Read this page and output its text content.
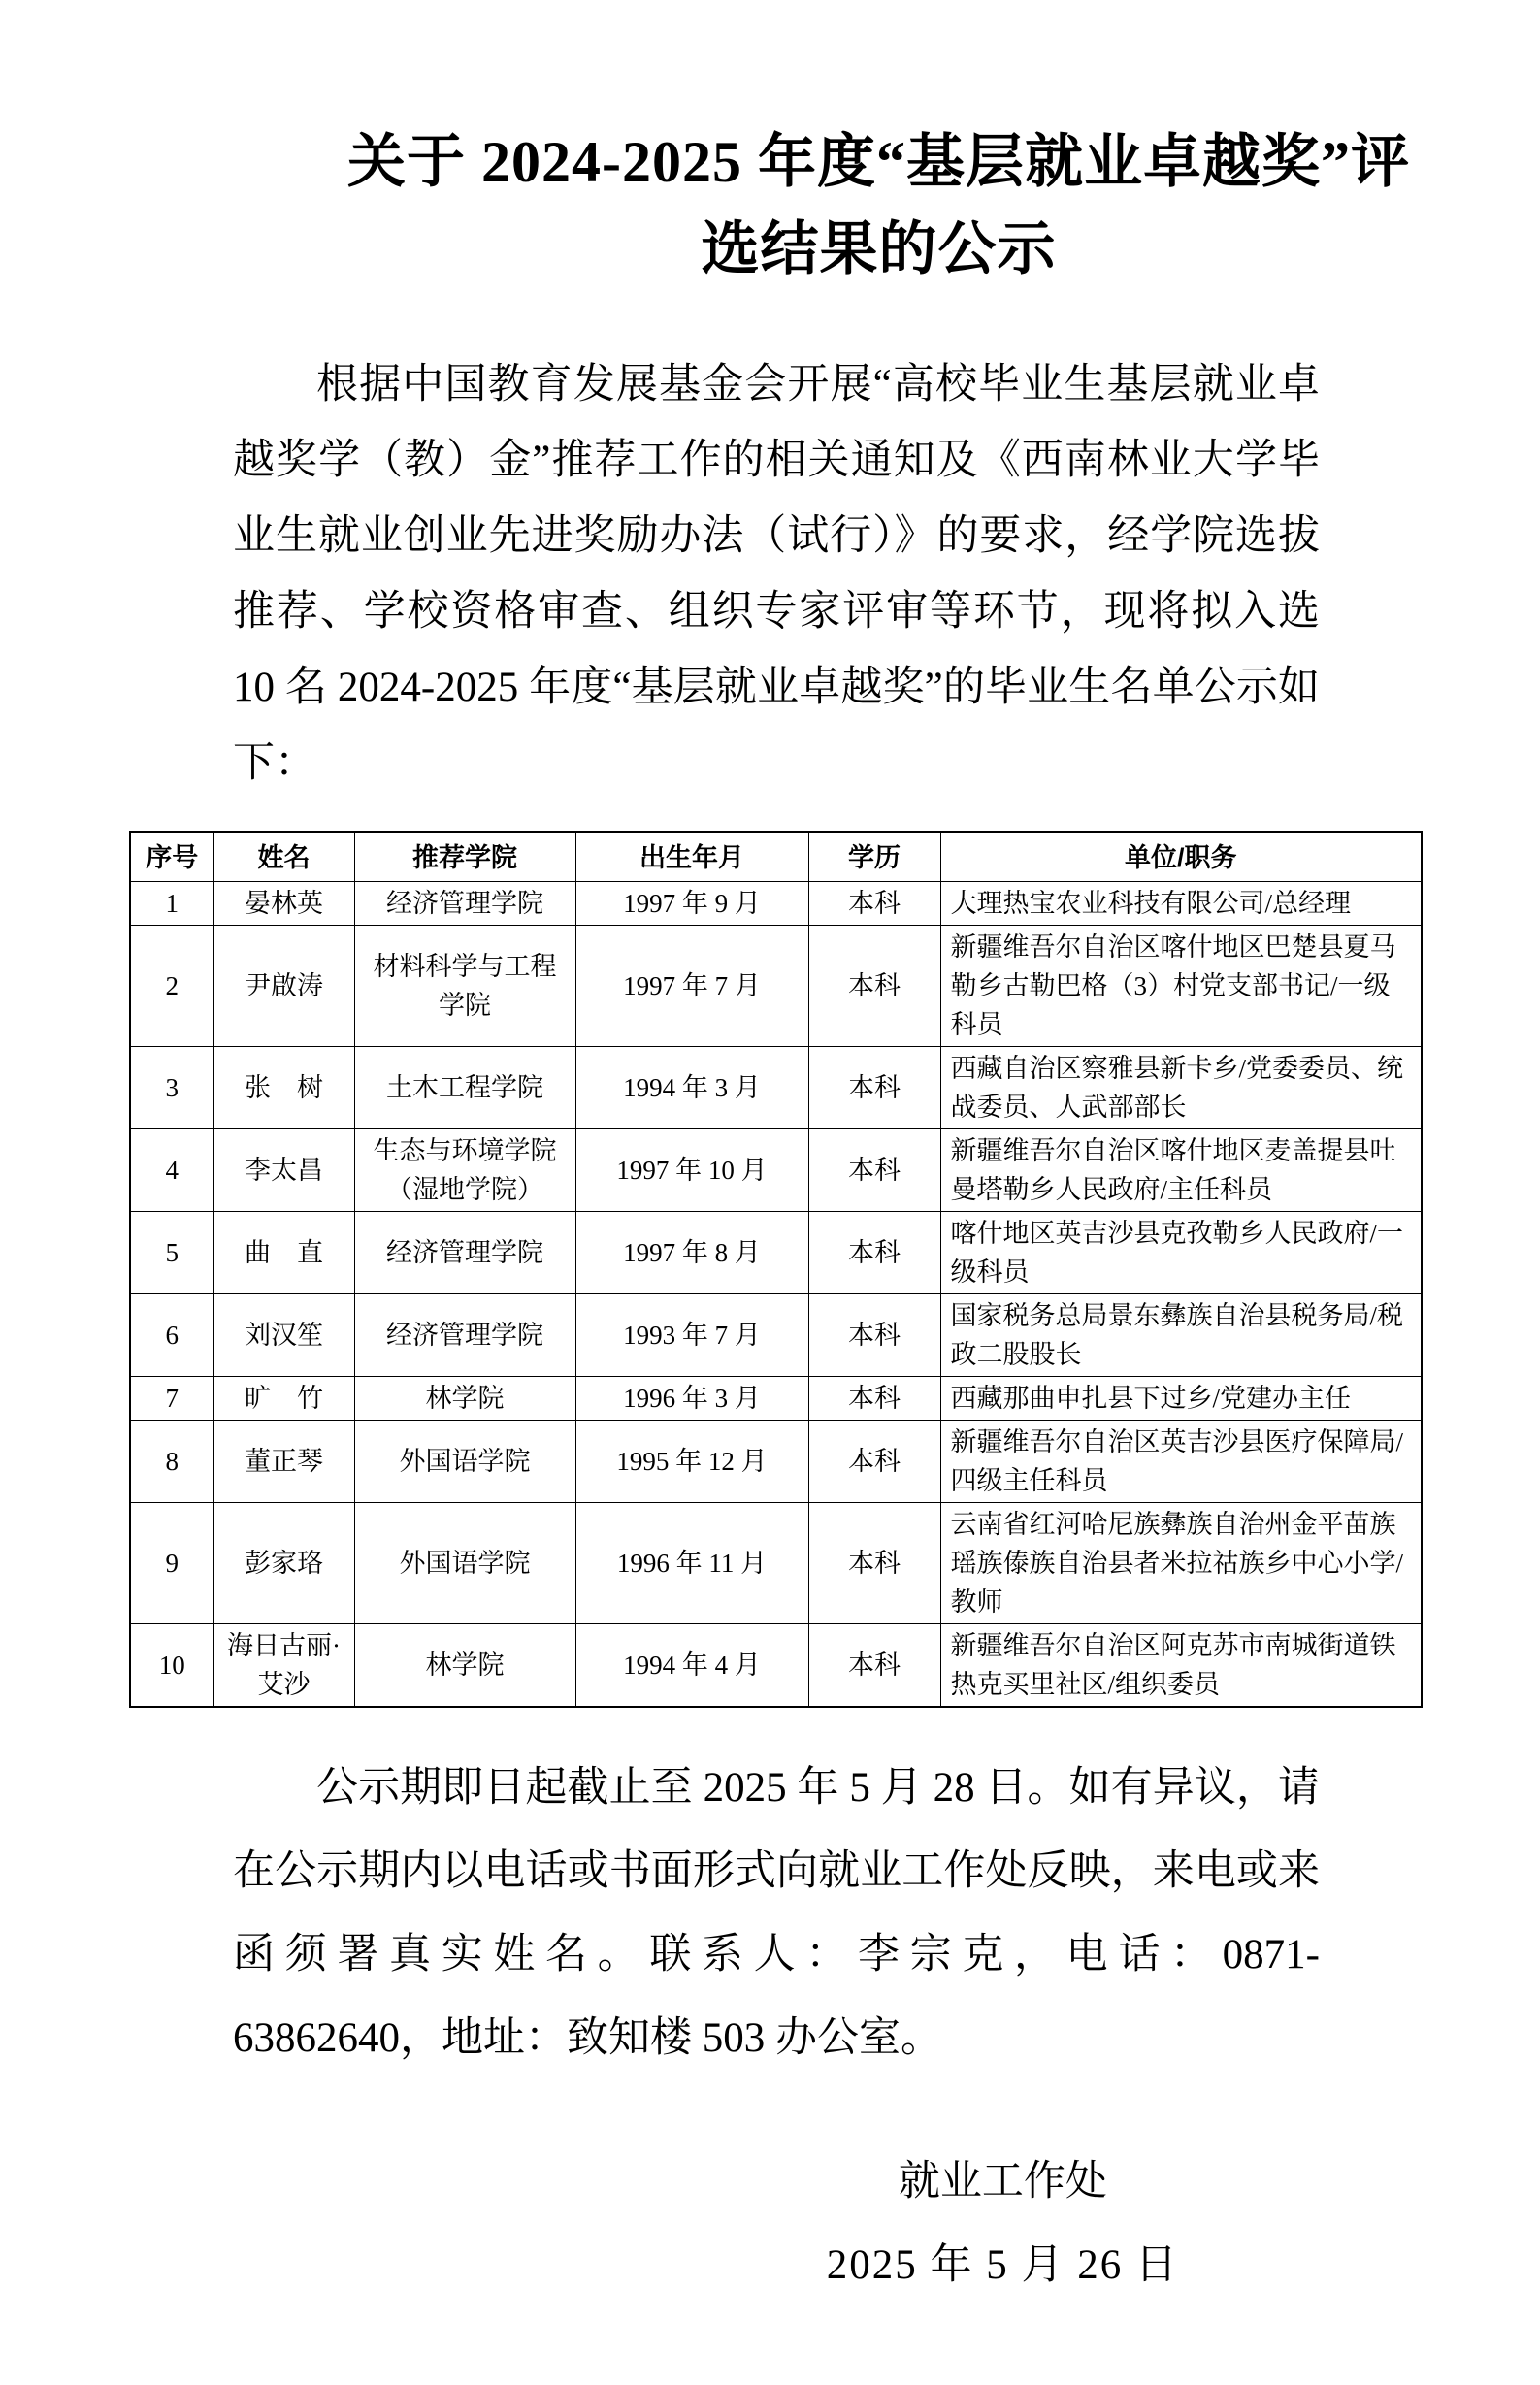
关于 2024-2025 年度“基层就业卓越奖”评
选结果的公示

根据中国教育发展基金会开展“高校毕业生基层就业卓越奖学（教）金”推荐工作的相关通知及《西南林业大学毕业生就业创业先进奖励办法（试行）》的要求，经学院选拔推荐、学校资格审查、组织专家评审等环节，现将拟入选 10 名 2024-2025 年度“基层就业卓越奖”的毕业生名单公示如下：

序号	姓名	推荐学院	出生年月	学历	单位/职务
1	晏林英	经济管理学院	1997 年 9 月	本科	大理热宝农业科技有限公司/总经理
2	尹啟涛	材料科学与工程学院	1997 年 7 月	本科	新疆维吾尔自治区喀什地区巴楚县夏马勒乡古勒巴格（3）村党支部书记/一级科员
3	张　树	土木工程学院	1994 年 3 月	本科	西藏自治区察雅县新卡乡/党委委员、统战委员、人武部部长
4	李太昌	生态与环境学院（湿地学院）	1997 年 10 月	本科	新疆维吾尔自治区喀什地区麦盖提县吐曼塔勒乡人民政府/主任科员
5	曲　直	经济管理学院	1997 年 8 月	本科	喀什地区英吉沙县克孜勒乡人民政府/一级科员
6	刘汉笙	经济管理学院	1993 年 7 月	本科	国家税务总局景东彝族自治县税务局/税政二股股长
7	旷　竹	林学院	1996 年 3 月	本科	西藏那曲申扎县下过乡/党建办主任
8	董正琴	外国语学院	1995 年 12 月	本科	新疆维吾尔自治区英吉沙县医疗保障局/四级主任科员
9	彭家珞	外国语学院	1996 年 11 月	本科	云南省红河哈尼族彝族自治州金平苗族瑶族傣族自治县者米拉祜族乡中心小学/教师
10	海日古丽·艾沙	林学院	1994 年 4 月	本科	新疆维吾尔自治区阿克苏市南城街道铁热克买里社区/组织委员

公示期即日起截止至 2025 年 5 月 28 日。如有异议，请在公示期内以电话或书面形式向就业工作处反映，来电或来函须署真实姓名。联系人：李宗克，电话：0871-63862640，地址：致知楼 503 办公室。

就业工作处
2025 年 5 月 26 日
